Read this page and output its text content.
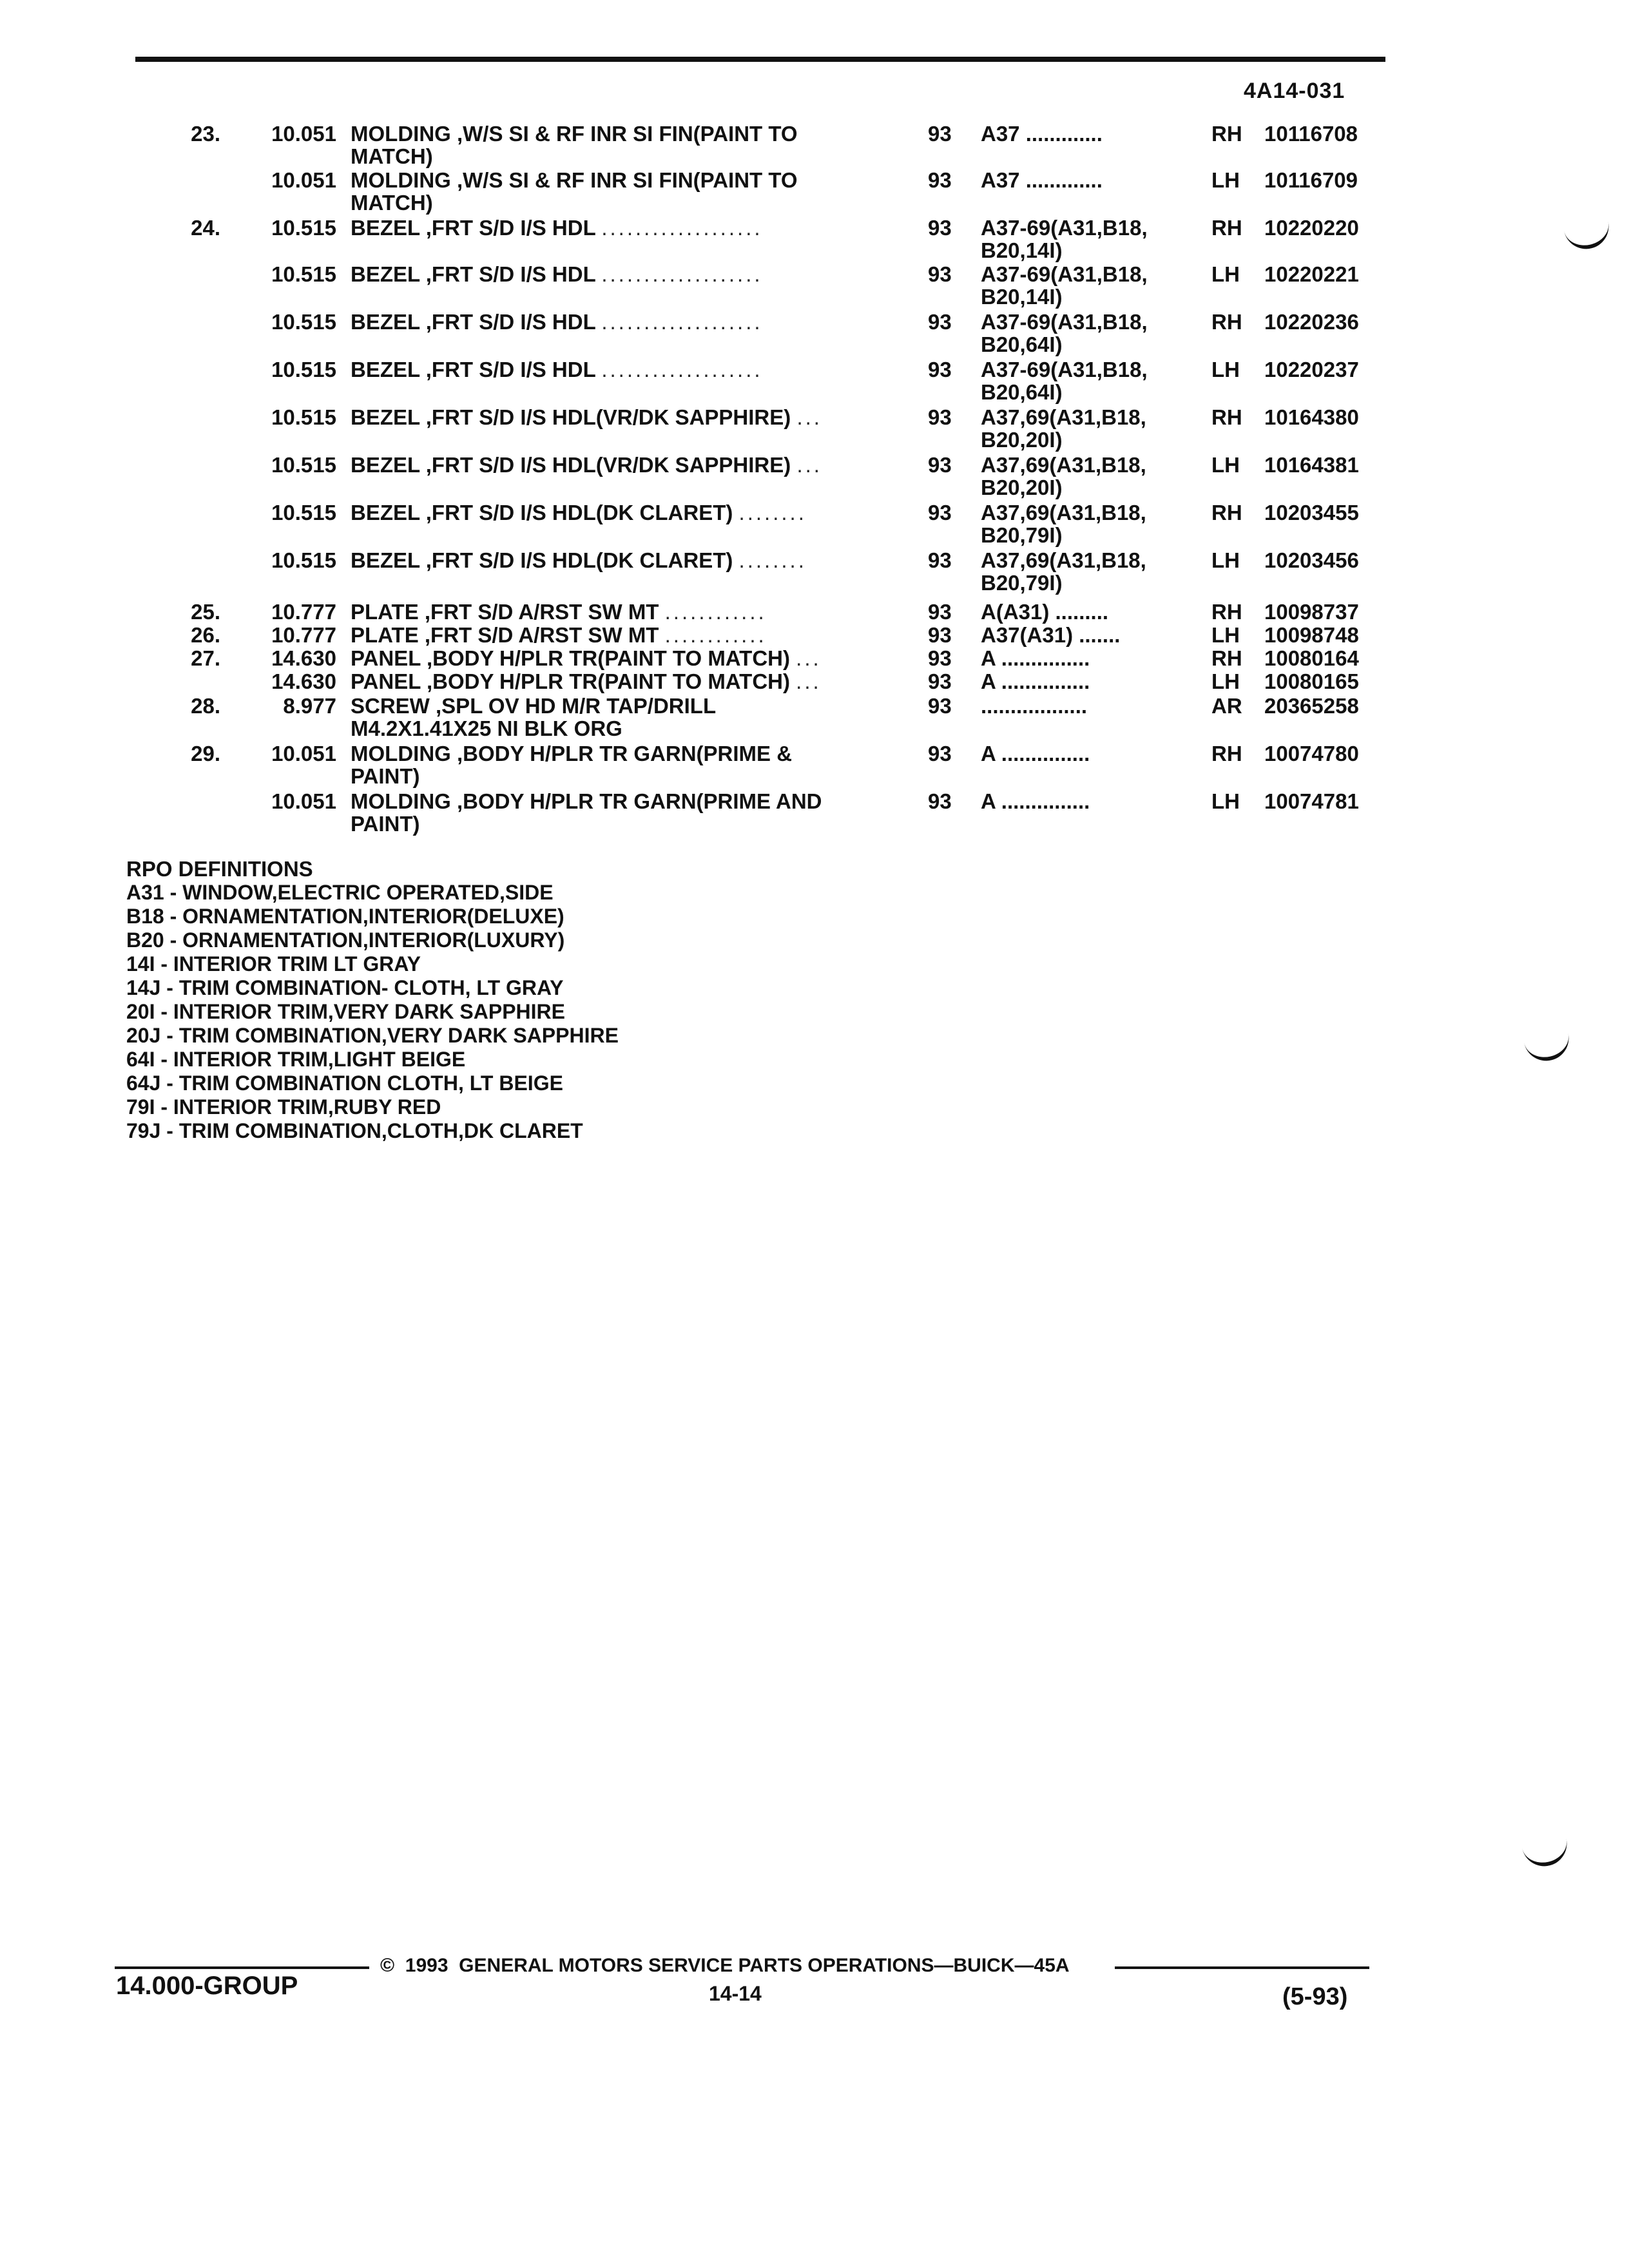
4A14-031
23.	10.051 MOLDING ,W/S SI & RF INR SI FIN(PAINT TO
MATCH)
93 A37 .............	RH	10116708
10.051 MOLDING ,W/S SI & RF INR SI FIN(PAINT TO
MATCH)
93 A37 .............	LH	10116709
24.	10.515 BEZEL ,FRT S/D I/S HDL ...................	93 A37-69(A31,B18,
B20,14I)
RH	10220220
10.515 BEZEL ,FRT S/D I/S HDL ...................	93 A37-69(A31,B18,
B20,14I)
LH	10220221
10.515 BEZEL ,FRT S/D I/S HDL ...................	93 A37-69(A31,B18,
B20,64I)
RH	10220236
10.515 BEZEL ,FRT S/D I/S HDL ...................	93 A37-69(A31,B18,
B20,64I)
LH	10220237
10.515 BEZEL ,FRT S/D I/S HDL(VR/DK SAPPHIRE) ...	93 A37,69(A31,B18,
B20,20I)
RH	10164380
10.515 BEZEL ,FRT S/D I/S HDL(VR/DK SAPPHIRE) ...	93 A37,69(A31,B18,
B20,20I)
LH	10164381
10.515 BEZEL ,FRT S/D I/S HDL(DK CLARET) ........	93 A37,69(A31,B18,
B20,79I)
RH	10203455
10.515 BEZEL ,FRT S/D I/S HDL(DK CLARET) ........	93 A37,69(A31,B18,
B20,79I)
LH	10203456
25.	10.777 PLATE ,FRT S/D A/RST SW MT ............	93 A(A31) .........	RH	10098737
26.	10.777 PLATE ,FRT S/D A/RST SW MT ............	93 A37(A31) .......	LH	10098748
27.	14.630 PANEL ,BODY H/PLR TR(PAINT TO MATCH) ...	93 A ...............	RH	10080164
14.630 PANEL ,BODY H/PLR TR(PAINT TO MATCH) ...	93 A ...............	LH	10080165
28.	8.977 SCREW ,SPL OV HD M/R TAP/DRILL
M4.2X1.41X25 NI BLK ORG
93 ..................	AR	20365258
29.	10.051 MOLDING ,BODY H/PLR TR GARN(PRIME &
PAINT)
93 A ...............	RH	10074780
10.051 MOLDING ,BODY H/PLR TR GARN(PRIME AND
PAINT)
93 A ...............	LH	10074781
RPO DEFINITIONS
A31 - WINDOW,ELECTRIC OPERATED,SIDE
B18 - ORNAMENTATION,INTERIOR(DELUXE)
B20 - ORNAMENTATION,INTERIOR(LUXURY)
14I - INTERIOR TRIM LT GRAY
14J - TRIM COMBINATION- CLOTH, LT GRAY
20I - INTERIOR TRIM,VERY DARK SAPPHIRE
20J - TRIM COMBINATION,VERY DARK SAPPHIRE
64I - INTERIOR TRIM,LIGHT BEIGE
64J - TRIM COMBINATION CLOTH, LT BEIGE
79I - INTERIOR TRIM,RUBY RED
79J - TRIM COMBINATION,CLOTH,DK CLARET
14.000-GROUP
©  1993  GENERAL MOTORS SERVICE PARTS OPERATIONS—BUICK—45A
14-14	(5-93)
